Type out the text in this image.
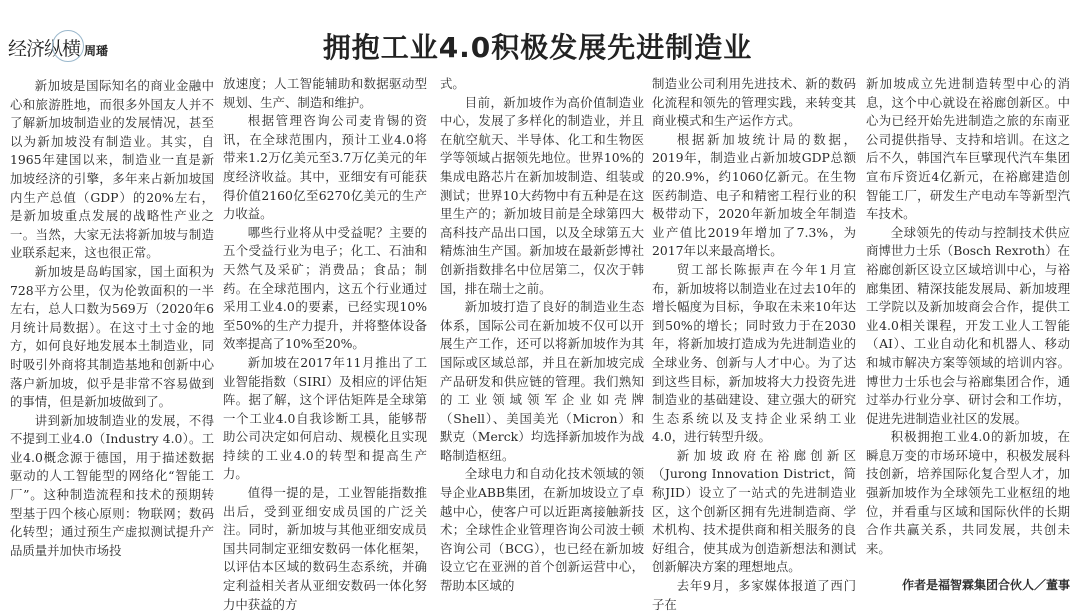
经济纵横 周璠	拥抱工业4.0积极发展先进制造业

新加坡是国际知名的商业金融中心和旅游胜地，而很多外国友人并不了解新加坡制造业的发展情况，甚至以为新加坡没有制造业。其实，自1965年建国以来，制造业一直是新加坡经济的引擎，多年来占新加坡国内生产总值（GDP）的20%左右，是新加坡重点发展的战略性产业之一。当然，大家无法将新加坡与制造业联系起来，这也很正常。

新加坡是岛屿国家，国土面积为728平方公里，仅为伦敦面积的一半左右，总人口数为569万（2020年6月统计局数据）。在这寸土寸金的地方，如何良好地发展本土制造业，同时吸引外商将其制造基地和创新中心落户新加坡，似乎是非常不容易做到的事情，但是新加坡做到了。

讲到新加坡制造业的发展，不得不提到工业4.0（Industry 4.0）。工业4.0概念源于德国，用于描述数据驱动的人工智能型的网络化“智能工厂”。这种制造流程和技术的预期转型基于四个核心原则：物联网；数码化转型；通过预生产虚拟测试提升产品质量并加快市场投

放速度；人工智能辅助和数据驱动型规划、生产、制造和维护。

根据管理咨询公司麦肯锡的资讯，在全球范围内，预计工业4.0将带来1.2万亿美元至3.7万亿美元的年度经济收益。其中，亚细安有可能获得价值2160亿至6270亿美元的生产力收益。

哪些行业将从中受益呢？主要的五个受益行业为电子；化工、石油和天然气及采矿；消费品；食品；制药。在全球范围内，这五个行业通过采用工业4.0的要素，已经实现10%至50%的生产力提升，并将整体设备效率提高了10%至20%。

新加坡在2017年11月推出了工业智能指数（SIRI）及相应的评估矩阵。据了解，这个评估矩阵是全球第一个工业4.0自我诊断工具，能够帮助公司决定如何启动、规模化且实现持续的工业4.0的转型和提高生产力。

值得一提的是，工业智能指数推出后，受到亚细安成员国的广泛关注。同时，新加坡与其他亚细安成员国共同制定亚细安数码一体化框架，以评估本区域的数码生态系统，并确定利益相关者从亚细安数码一体化努力中获益的方

式。

目前，新加坡作为高价值制造业中心，发展了多样化的制造业，并且在航空航天、半导体、化工和生物医学等领域占据领先地位。世界10%的集成电路芯片在新加坡制造、组装或测试；世界10大药物中有五种是在这里生产的；新加坡目前是全球第四大高科技产品出口国，以及全球第五大精炼油生产国。新加坡在最新彭博社创新指数排名中位居第二，仅次于韩国，排在瑞士之前。

新加坡打造了良好的制造业生态体系，国际公司在新加坡不仅可以开展生产工作，还可以将新加坡作为其国际或区域总部，并且在新加坡完成产品研发和供应链的管理。我们熟知的工业领域领军企业如壳牌（Shell）、美国美光（Micron）和默克（Merck）均选择新加坡作为战略制造枢纽。

全球电力和自动化技术领域的领导企业ABB集团，在新加坡设立了卓越中心，使客户可以近距离接触新技术；全球性企业管理咨询公司波士顿咨询公司（BCG），也已经在新加坡设立它在亚洲的首个创新运营中心，帮助本区域的

制造业公司利用先进技术、新的数码化流程和领先的管理实践，来转变其商业模式和生产运作方式。

根据新加坡统计局的数据，2019年，制造业占新加坡GDP总额的20.9%，约1060亿新元。在生物医药制造、电子和精密工程行业的积极带动下，2020年新加坡全年制造业产值比2019年增加了7.3%，为2017年以来最高增长。

贸工部长陈振声在今年1月宣布，新加坡将以制造业在过去10年的增长幅度为目标，争取在未来10年达到50%的增长；同时致力于在2030年，将新加坡打造成为先进制造业的全球业务、创新与人才中心。为了达到这些目标，新加坡将大力投资先进制造业的基础建设、建立强大的研究生态系统以及支持企业采纳工业4.0，进行转型升级。

新加坡政府在裕廊创新区（Jurong Innovation District，简称JID）设立了一站式的先进制造业区，这个创新区拥有先进制造商、学术机构、技术提供商和相关服务的良好组合，使其成为创造新想法和测试创新解决方案的理想地点。

去年9月，多家媒体报道了西门子在

新加坡成立先进制造转型中心的消息，这个中心就设在裕廊创新区。中心为已经开始先进制造之旅的东南亚公司提供指导、支持和培训。在这之后不久，韩国汽车巨擘现代汽车集团宣布斥资近4亿新元，在裕廊建造创智能工厂，研发生产电动车等新型汽车技术。

全球领先的传动与控制技术供应商博世力士乐（Bosch Rexroth）在裕廊创新区设立区域培训中心，与裕廊集团、精深技能发展局、新加坡理工学院以及新加坡商会合作，提供工业4.0相关课程，开发工业人工智能（AI）、工业自动化和机器人、移动和城市解决方案等领域的培训内容。博世力士乐也会与裕廊集团合作，通过举办行业分享、研讨会和工作坊，促进先进制造业社区的发展。

积极拥抱工业4.0的新加坡，在瞬息万变的市场环境中，积极发展科技创新，培养国际化复合型人才，加强新加坡作为全球领先工业枢纽的地位，并看重与区域和国际伙伴的长期合作共赢关系，共同发展，共创未来。

作者是福智霖集团合伙人／董事
